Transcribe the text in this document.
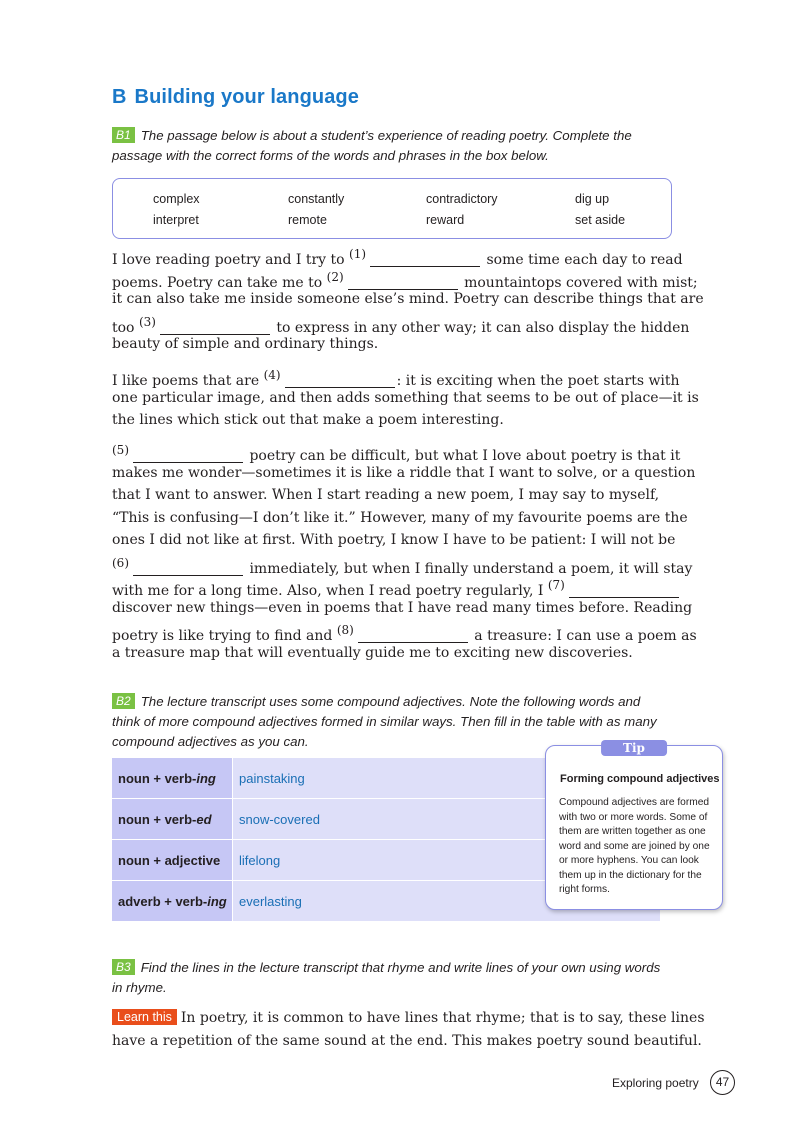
B Building your language
B1 The passage below is about a student’s experience of reading poetry. Complete the
passage with the correct forms of the words and phrases in the box below.
complex	constantly	contradictory	dig up
interpret	remote	reward	set aside
I love reading poetry and I try to (1)	some time each day to read
poems. Poetry can take me to (2)	mountaintops covered with mist;
it can also take me inside someone else’s mind. Poetry can describe things that are
too (3)	to express in any other way; it can also display the hidden
beauty of simple and ordinary things.
I like poems that are (4)	: it is exciting when the poet starts with
one particular image, and then adds something that seems to be out of place—it is
the lines which stick out that make a poem interesting.
(5)	poetry can be difficult, but what I love about poetry is that it
makes me wonder—sometimes it is like a riddle that I want to solve, or a question
that I want to answer. When I start reading a new poem, I may say to myself,
“This is confusing—I don’t like it.” However, many of my favourite poems are the
ones I did not like at first. With poetry, I know I have to be patient: I will not be
(6)	immediately, but when I finally understand a poem, it will stay
with me for a long time. Also, when I read poetry regularly, I (7)
discover new things—even in poems that I have read many times before. Reading
poetry is like trying to find and (8)	a treasure: I can use a poem as
a treasure map that will eventually guide me to exciting new discoveries.
B2 The lecture transcript uses some compound adjectives. Note the following words and
think of more compound adjectives formed in similar ways. Then fill in the table with as many
compound adjectives as you can.
noun + verb-ing	painstaking
noun + verb-ed	snow-covered
noun + adjective	lifelong
adverb + verb-ing	everlasting
Tip
Forming compound adjectives
Compound adjectives are formed
with two or more words. Some of
them are written together as one
word and some are joined by one
or more hyphens. You can look
them up in the dictionary for the
right forms.
B3 Find the lines in the lecture transcript that rhyme and write lines of your own using words
in rhyme.
Learn this In poetry, it is common to have lines that rhyme; that is to say, these lines
have a repetition of the same sound at the end. This makes poetry sound beautiful.
Exploring poetry	47
